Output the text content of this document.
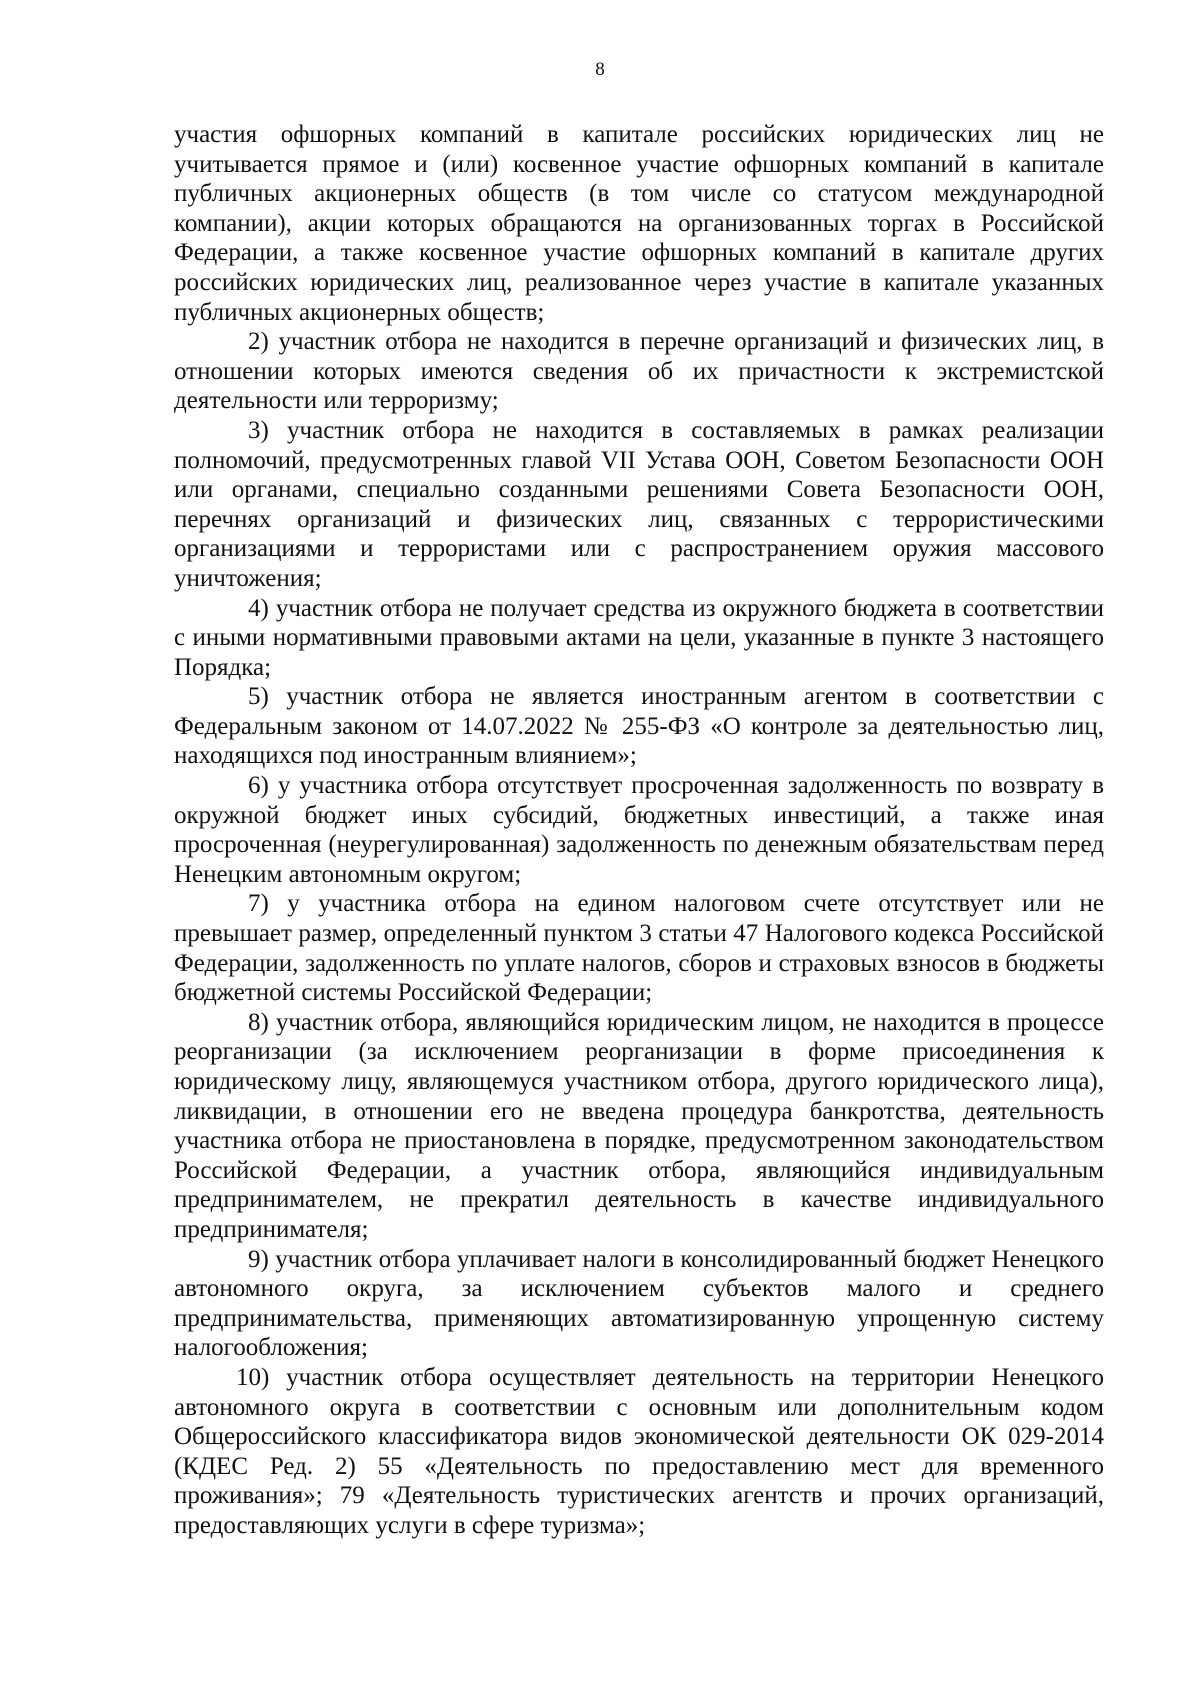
8

участия офшорных компаний в капитале российских юридических лиц не учитывается прямое и (или) косвенное участие офшорных компаний в капитале публичных акционерных обществ (в том числе со статусом международной компании), акции которых обращаются на организованных торгах в Российской Федерации, а также косвенное участие офшорных компаний в капитале других российских юридических лиц, реализованное через участие в капитале указанных публичных акционерных обществ;

2) участник отбора не находится в перечне организаций и физических лиц, в отношении которых имеются сведения об их причастности к экстремистской деятельности или терроризму;

3) участник отбора не находится в составляемых в рамках реализации полномочий, предусмотренных главой VII Устава ООН, Советом Безопасности ООН или органами, специально созданными решениями Совета Безопасности ООН, перечнях организаций и физических лиц, связанных с террористическими организациями и террористами или с распространением оружия массового уничтожения;

4) участник отбора не получает средства из окружного бюджета в соответствии с иными нормативными правовыми актами на цели, указанные в пункте 3 настоящего Порядка;

5) участник отбора не является иностранным агентом в соответствии с Федеральным законом от 14.07.2022 № 255-ФЗ «О контроле за деятельностью лиц, находящихся под иностранным влиянием»;

6) у участника отбора отсутствует просроченная задолженность по возврату в окружной бюджет иных субсидий, бюджетных инвестиций, а также иная просроченная (неурегулированная) задолженность по денежным обязательствам перед Ненецким автономным округом;

7) у участника отбора на едином налоговом счете отсутствует или не превышает размер, определенный пунктом 3 статьи 47 Налогового кодекса Российской Федерации, задолженность по уплате налогов, сборов и страховых взносов в бюджеты бюджетной системы Российской Федерации;

8) участник отбора, являющийся юридическим лицом, не находится в процессе реорганизации (за исключением реорганизации в форме присоединения к юридическому лицу, являющемуся участником отбора, другого юридического лица), ликвидации, в отношении его не введена процедура банкротства, деятельность участника отбора не приостановлена в порядке, предусмотренном законодательством Российской Федерации, а участник отбора, являющийся индивидуальным предпринимателем, не прекратил деятельность в качестве индивидуального предпринимателя;

9) участник отбора уплачивает налоги в консолидированный бюджет Ненецкого автономного округа, за исключением субъектов малого и среднего предпринимательства, применяющих автоматизированную упрощенную систему налогообложения;

10) участник отбора осуществляет деятельность на территории Ненецкого автономного округа в соответствии с основным или дополнительным кодом Общероссийского классификатора видов экономической деятельности ОК 029-2014 (КДЕС Ред. 2) 55 «Деятельность по предоставлению мест для временного проживания»; 79 «Деятельность туристических агентств и прочих организаций, предоставляющих услуги в сфере туризма»;
